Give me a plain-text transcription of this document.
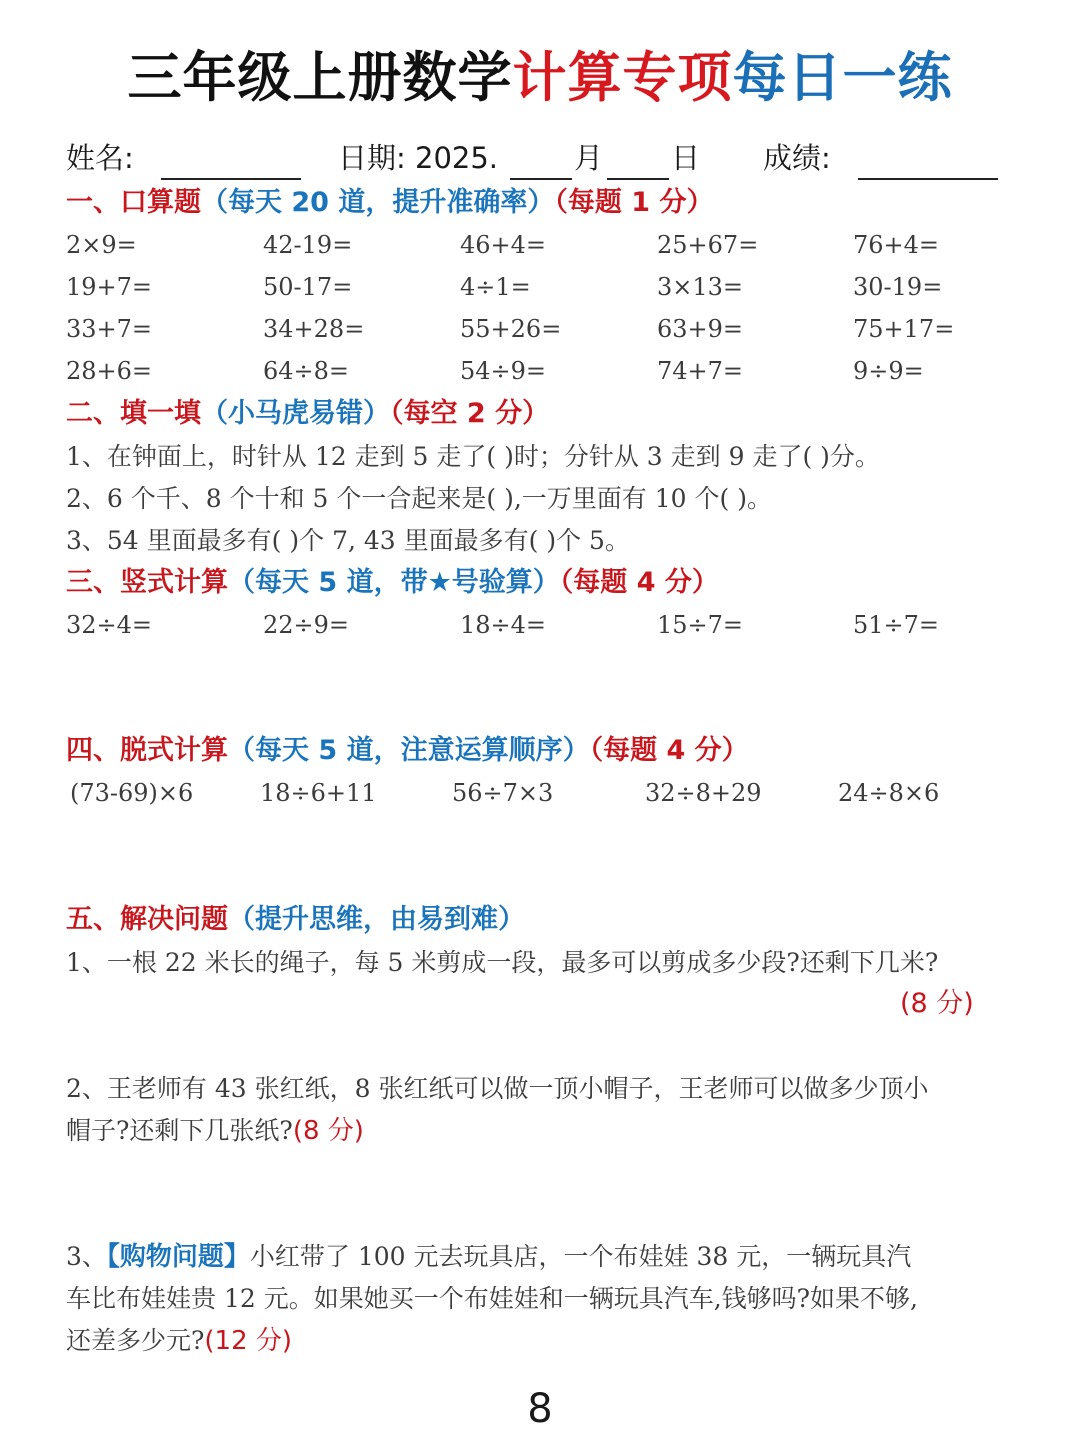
三年级上册数学计算专项每日一练
姓名:	日期: 2025.	月 日 成绩:
一、口算题（每天 20 道，提升准确率）（每题 1 分）
2×9=	42-19=	46+4=	25+67=	76+4=
19+7=	50-17=	4÷1=	3×13=	30-19=
33+7=	34+28=	55+26=	63+9=	75+17=
28+6=	64÷8=	54÷9=	74+7=	9÷9=
二、填一填（小马虎易错）（每空 2 分）
1、在钟面上，时针从 12 走到 5 走了( )时；分针从 3 走到 9 走了( )分。
2、6 个千、8 个十和 5 个一合起来是( ),一万里面有 10 个( )。
3、54 里面最多有( )个 7, 43 里面最多有( )个 5。
三、竖式计算（每天 5 道，带★号验算）（每题 4 分）
32÷4=	22÷9=	18÷4=	15÷7=	51÷7=
四、脱式计算（每天 5 道，注意运算顺序）（每题 4 分）
(73-69)×6	18÷6+11	56÷7×3	32÷8+29	24÷8×6
五、解决问题（提升思维，由易到难）
1、一根 22 米长的绳子，每 5 米剪成一段，最多可以剪成多少段?还剩下几米?
(8 分)
2、王老师有 43 张红纸，8 张红纸可以做一顶小帽子，王老师可以做多少顶小
帽子?还剩下几张纸?(8 分)
3、【购物问题】小红带了 100 元去玩具店，一个布娃娃 38 元，一辆玩具汽
车比布娃娃贵 12 元。如果她买一个布娃娃和一辆玩具汽车,钱够吗?如果不够,
还差多少元?(12 分)
8
